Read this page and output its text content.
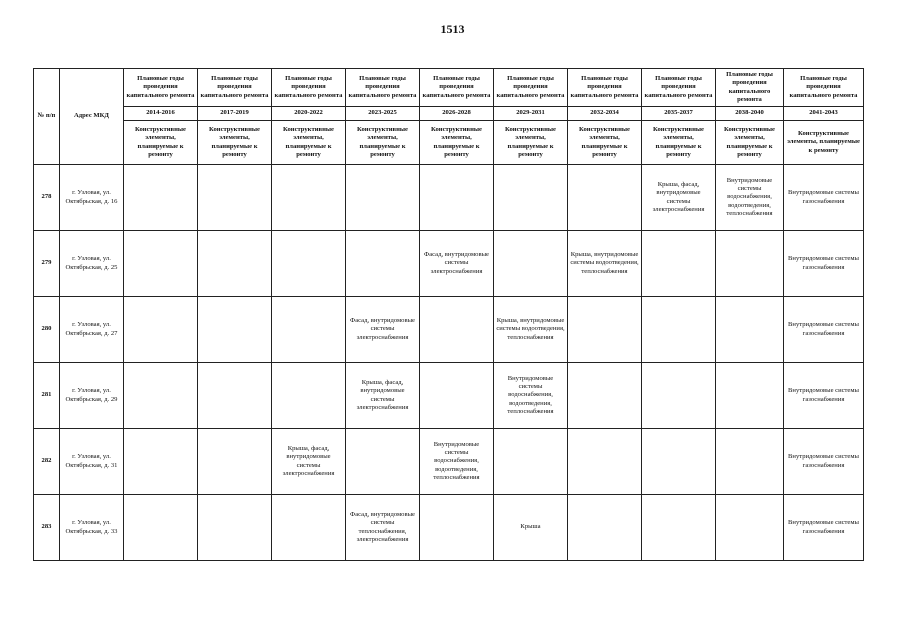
1513
№ п/п	Адрес МКД	Плановые годы проведения капитального ремонта	Плановые годы проведения капитального ремонта	Плановые годы проведения капитального ремонта	Плановые годы проведения капитального ремонта	Плановые годы проведения капитального ремонта	Плановые годы проведения капитального ремонта	Плановые годы проведения капитального ремонта	Плановые годы проведения капитального ремонта	Плановые годы проведения капитального ремонта	Плановые годы проведения капитального ремонта
		2014-2016	2017-2019	2020-2022	2023-2025	2026-2028	2029-2031	2032-2034	2035-2037	2038-2040	2041-2043
		Конструктивные элементы, планируемые к ремонту	Конструктивные элементы, планируемые к ремонту	Конструктивные элементы, планируемые к ремонту	Конструктивные элементы, планируемые к ремонту	Конструктивные элементы, планируемые к ремонту	Конструктивные элементы, планируемые к ремонту	Конструктивные элементы, планируемые к ремонту	Конструктивные элементы, планируемые к ремонту	Конструктивные элементы, планируемые к ремонту	Конструктивные элементы, планируемые к ремонту
278	г. Узловая, ул. Октябрьская, д. 16								Крыша, фасад, внутридомовые системы электроснабжения	Внутридомовые системы водоснабжения, водоотведения, теплоснабжения	Внутридомовые системы газоснабжения
279	г. Узловая, ул. Октябрьская, д. 25					Фасад, внутридомовые системы электроснабжения		Крыша, внутридомовые системы водоотведения, теплоснабжения			Внутридомовые системы газоснабжения
280	г. Узловая, ул. Октябрьская, д. 27				Фасад, внутридомовые системы электроснабжения		Крыша, внутридомовые системы водоотведения, теплоснабжения				Внутридомовые системы газоснабжения
281	г. Узловая, ул. Октябрьская, д. 29				Крыша, фасад, внутридомовые системы электроснабжения		Внутридомовые системы водоснабжения, водоотведения, теплоснабжения				Внутридомовые системы газоснабжения
282	г. Узловая, ул. Октябрьская, д. 31			Крыша, фасад, внутридомовые системы электроснабжения		Внутридомовые системы водоснабжения, водоотведения, теплоснабжения					Внутридомовые системы газоснабжения
283	г. Узловая, ул. Октябрьская, д. 33				Фасад, внутридомовые системы теплоснабжения, электроснабжения		Крыша				Внутридомовые системы газоснабжения
